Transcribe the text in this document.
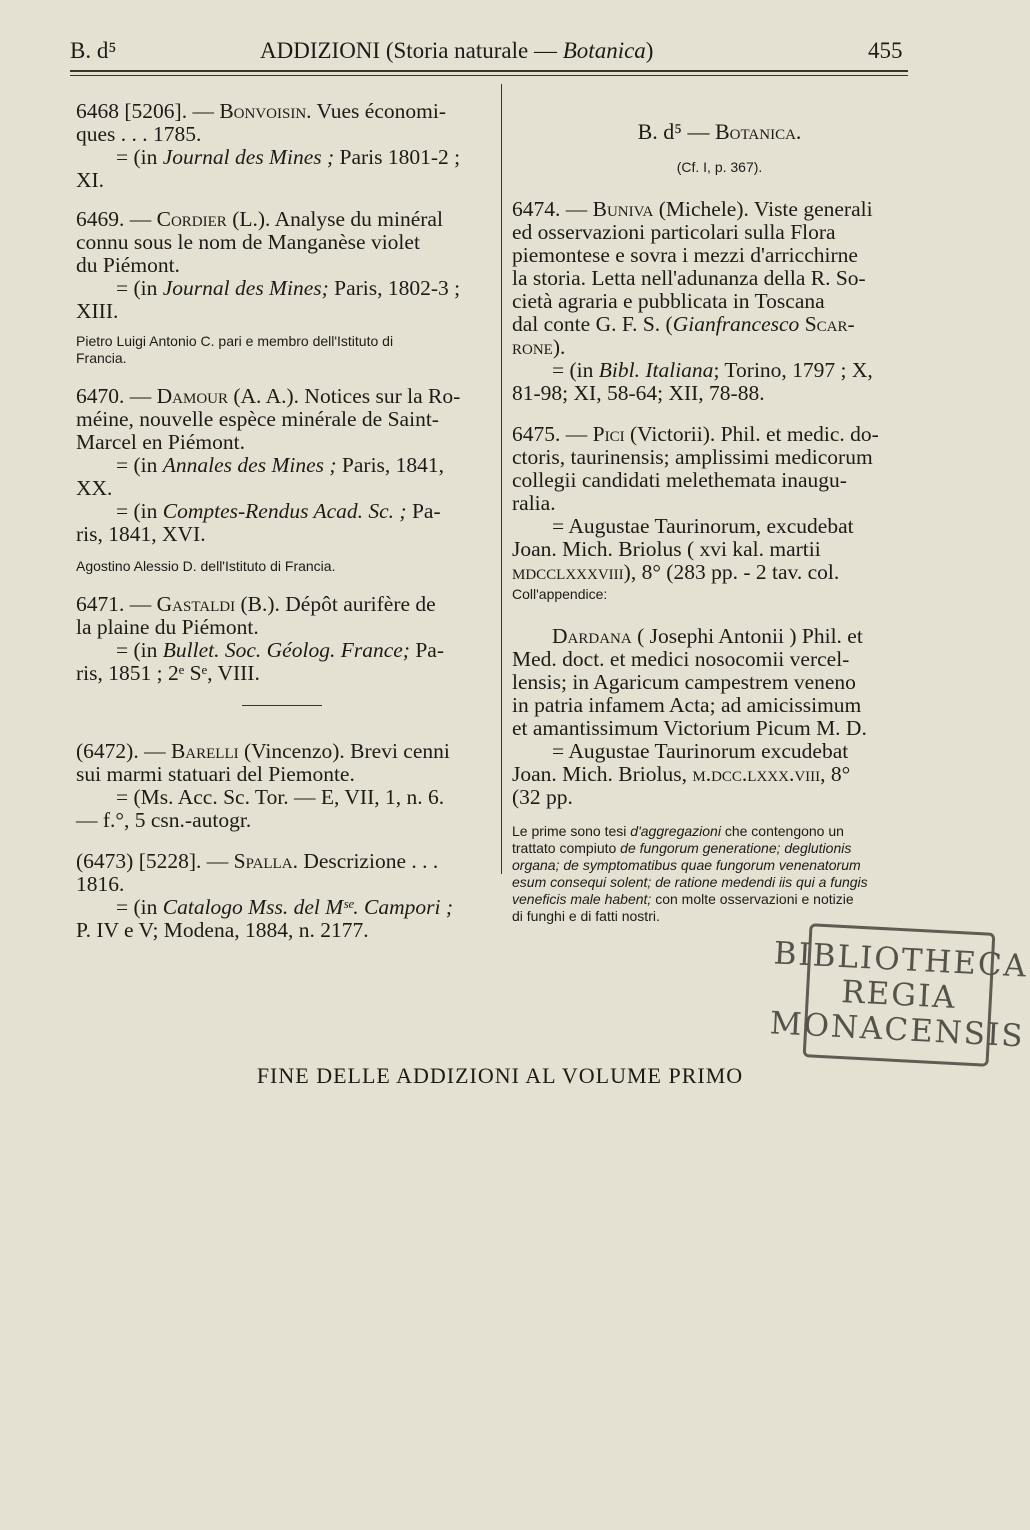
B. d⁵	ADDIZIONI (Storia naturale — Botanica)	455
6468 [5206]. — Bonvoisin. Vues économi-
ques . . . 1785.
= (in Journal des Mines ; Paris 1801-2 ;
XI.
6469. — Cordier (L.). Analyse du minéral
connu sous le nom de Manganèse violet
du Piémont.
= (in Journal des Mines; Paris, 1802-3 ;
XIII.
Pietro Luigi Antonio C. pari e membro dell'Istituto di
Francia.
6470. — Damour (A. A.). Notices sur la Ro-
méine, nouvelle espèce minérale de Saint-
Marcel en Piémont.
= (in Annales des Mines ; Paris, 1841,
XX.
= (in Comptes-Rendus Acad. Sc. ; Pa-
ris, 1841, XVI.
Agostino Alessio D. dell'Istituto di Francia.
6471. — Gastaldi (B.). Dépôt aurifère de
la plaine du Piémont.
= (in Bullet. Soc. Géolog. France; Pa-
ris, 1851 ; 2ᵉ Sᵉ, VIII.
(6472). — Barelli (Vincenzo). Brevi cenni
sui marmi statuari del Piemonte.
= (Ms. Acc. Sc. Tor. — E, VII, 1, n. 6.
— f.°, 5 csn.-autogr.
(6473) [5228]. — Spalla. Descrizione . . .
1816.
= (in Catalogo Mss. del Mˢᵉ. Campori ;
P. IV e V; Modena, 1884, n. 2177.
B. d⁵ — Botanica.
(Cf. I, p. 367).
6474. — Buniva (Michele). Viste generali
ed osservazioni particolari sulla Flora
piemontese e sovra i mezzi d'arricchirne
la storia. Letta nell'adunanza della R. So-
cietà agraria e pubblicata in Toscana
dal conte G. F. S. (Gianfrancesco Scar-
rone).
= (in Bibl. Italiana; Torino, 1797 ; X,
81-98; XI, 58-64; XII, 78-88.
6475. — Pici (Victorii). Phil. et medic. do-
ctoris, taurinensis; amplissimi medicorum
collegii candidati melethemata inaugu-
ralia.
= Augustae Taurinorum, excudebat
Joan. Mich. Briolus ( xvi kal. martii
mdcclxxxviii), 8° (283 pp. - 2 tav. col.
Coll'appendice:
Dardana ( Josephi Antonii ) Phil. et
Med. doct. et medici nosocomii vercel-
lensis; in Agaricum campestrem veneno
in patria infamem Acta; ad amicissimum
et amantissimum Victorium Picum M. D.
= Augustae Taurinorum excudebat
Joan. Mich. Briolus, m.dcc.lxxx.viii, 8°
(32 pp.
Le prime sono tesi d'aggregazioni che contengono un
trattato compiuto de fungorum generatione; deglutionis
organa; de symptomatibus quae fungorum venenatorum
esum consequi solent; de ratione medendi iis qui a fungis
veneficis male habent; con molte osservazioni e notizie
di funghi e di fatti nostri.
BIBLIOTHECA
REGIA
MONACENSIS
FINE DELLE ADDIZIONI AL VOLUME PRIMO
